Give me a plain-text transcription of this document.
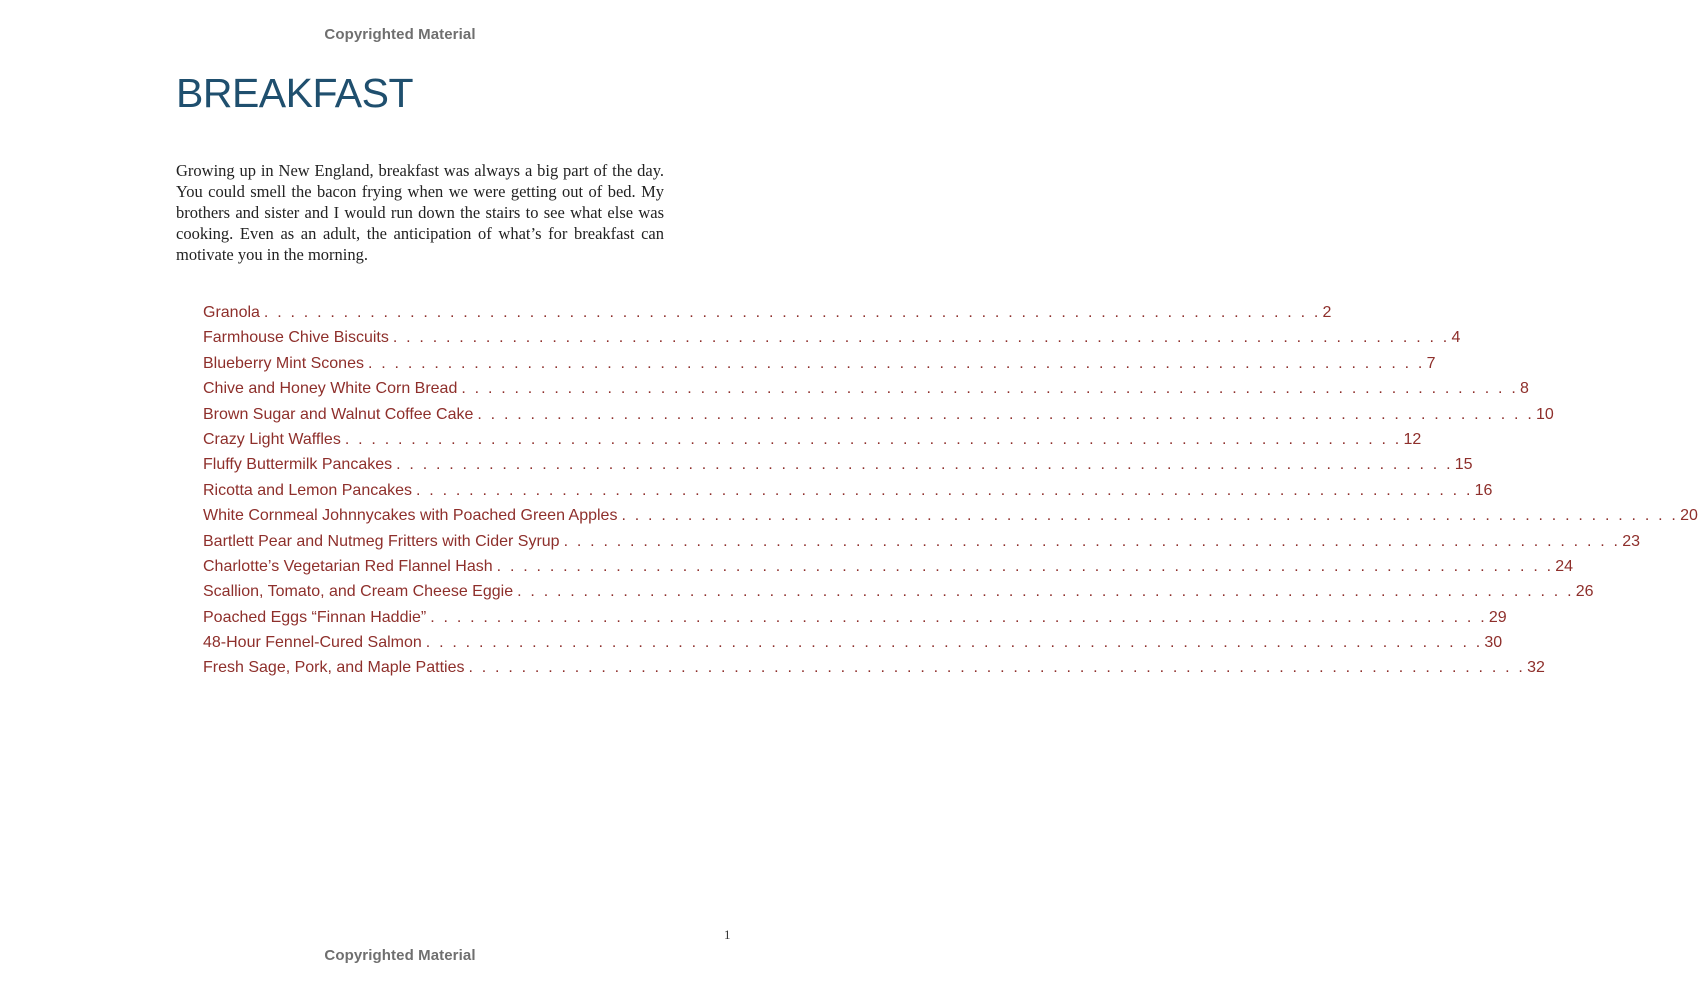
Copyrighted Material
BREAKFAST

Growing up in New England, breakfast was always a big part of the day. You could smell the bacon frying when we were getting out of bed. My brothers and sister and I would run down the stairs to see what else was cooking. Even as an adult, the anticipation of what’s for breakfast can motivate you in the morning.

Granola . . . . . . . . . . . . . . . . . . . . . . . . . . . . . . . . . . . . . . . . . . . . . . . . . . . . . . . . . . . . . . . . . . . . . . . . . . . . . . . . 2
Farmhouse Chive Biscuits . . . . . . . . . . . . . . . . . . . . . . . . . . . . . . . . . . . . . . . . . . . . . . . . . . . . . . . . . . . . . . . . . . . . . . . . . . . . . . . . 4
Blueberry Mint Scones . . . . . . . . . . . . . . . . . . . . . . . . . . . . . . . . . . . . . . . . . . . . . . . . . . . . . . . . . . . . . . . . . . . . . . . . . . . . . . . . 7
Chive and Honey White Corn Bread . . . . . . . . . . . . . . . . . . . . . . . . . . . . . . . . . . . . . . . . . . . . . . . . . . . . . . . . . . . . . . . . . . . . . . . . . . . . . . . . 8
Brown Sugar and Walnut Coffee Cake . . . . . . . . . . . . . . . . . . . . . . . . . . . . . . . . . . . . . . . . . . . . . . . . . . . . . . . . . . . . . . . . . . . . . . . . . . . . . . . . 10
Crazy Light Waffles . . . . . . . . . . . . . . . . . . . . . . . . . . . . . . . . . . . . . . . . . . . . . . . . . . . . . . . . . . . . . . . . . . . . . . . . . . . . . . . . 12
Fluffy Buttermilk Pancakes . . . . . . . . . . . . . . . . . . . . . . . . . . . . . . . . . . . . . . . . . . . . . . . . . . . . . . . . . . . . . . . . . . . . . . . . . . . . . . . . 15
Ricotta and Lemon Pancakes . . . . . . . . . . . . . . . . . . . . . . . . . . . . . . . . . . . . . . . . . . . . . . . . . . . . . . . . . . . . . . . . . . . . . . . . . . . . . . . . 16
White Cornmeal Johnnycakes with Poached Green Apples . . . . . . . . . . . . . . . . . . . . . . . . . . . . . . . . . . . . . . . . . . . . . . . . . . . . . . . . . . . . . . . . . . . . . . . . . . . . . . . . 20
Bartlett Pear and Nutmeg Fritters with Cider Syrup . . . . . . . . . . . . . . . . . . . . . . . . . . . . . . . . . . . . . . . . . . . . . . . . . . . . . . . . . . . . . . . . . . . . . . . . . . . . . . . . 23
Charlotte’s Vegetarian Red Flannel Hash . . . . . . . . . . . . . . . . . . . . . . . . . . . . . . . . . . . . . . . . . . . . . . . . . . . . . . . . . . . . . . . . . . . . . . . . . . . . . . . . 24
Scallion, Tomato, and Cream Cheese Eggie . . . . . . . . . . . . . . . . . . . . . . . . . . . . . . . . . . . . . . . . . . . . . . . . . . . . . . . . . . . . . . . . . . . . . . . . . . . . . . . . 26
Poached Eggs “Finnan Haddie” . . . . . . . . . . . . . . . . . . . . . . . . . . . . . . . . . . . . . . . . . . . . . . . . . . . . . . . . . . . . . . . . . . . . . . . . . . . . . . . . 29
48-Hour Fennel-Cured Salmon . . . . . . . . . . . . . . . . . . . . . . . . . . . . . . . . . . . . . . . . . . . . . . . . . . . . . . . . . . . . . . . . . . . . . . . . . . . . . . . . 30
Fresh Sage, Pork, and Maple Patties . . . . . . . . . . . . . . . . . . . . . . . . . . . . . . . . . . . . . . . . . . . . . . . . . . . . . . . . . . . . . . . . . . . . . . . . . . . . . . . . 32
1
Copyrighted Material
